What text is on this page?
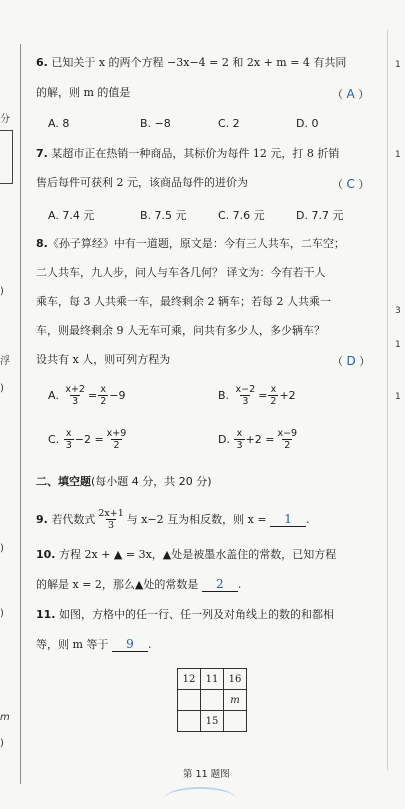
分
)
浮
)
)
)
m
)
1
1
1
1
3
6. 已知关于 x 的两个方程 −3x−4 = 2 和 2x + m = 4 有共同
的解，则 m 的值是	（ A ）
A. 8	B. −8	C. 2	D. 0
7. 某超市正在热销一种商品，其标价为每件 12 元，打 8 折销
售后每件可获利 2 元，该商品每件的进价为	（ C ）
A. 7.4 元	B. 7.5 元	C. 7.6 元	D. 7.7 元
8.《孙子算经》中有一道题，原文是：今有三人共车，二车空；
二人共车，九人步，问人与车各几何？ 译文为：今有若干人
乘车，每 3 人共乘一车，最终剩余 2 辆车；若每 2 人共乘一
车，则最终剩余 9 人无车可乘，问共有多少人，多少辆车？
设共有 x 人，则可列方程为	（ D ）
A.
$\frac{x+2}{3} = \frac{x}{2} -9$	B.
$\frac{x-2}{3} = \frac{x}{2} +2$
C.
$\frac{x}{3} -2 = \frac{x+9}{2}$	D.
$\frac{x}{3} +2 = \frac{x-9}{2}$
二、填空题(每小题 4 分，共 20 分)
9.
若代数式 $\frac{2x+1}{3}$ 与 x−2 互为相反数，则 x =
	1	.
10. 方程 2x + ▲ = 3x，▲处是被墨水盖住的常数，已知方程
的解是 x = 2，那么▲处的常数是 2 .
11. 如图，方格中的任一行、任一列及对角线上的数的和都相
等，则 m 等于 9 .
12	11	16
		m
	15	
第 11 题图
